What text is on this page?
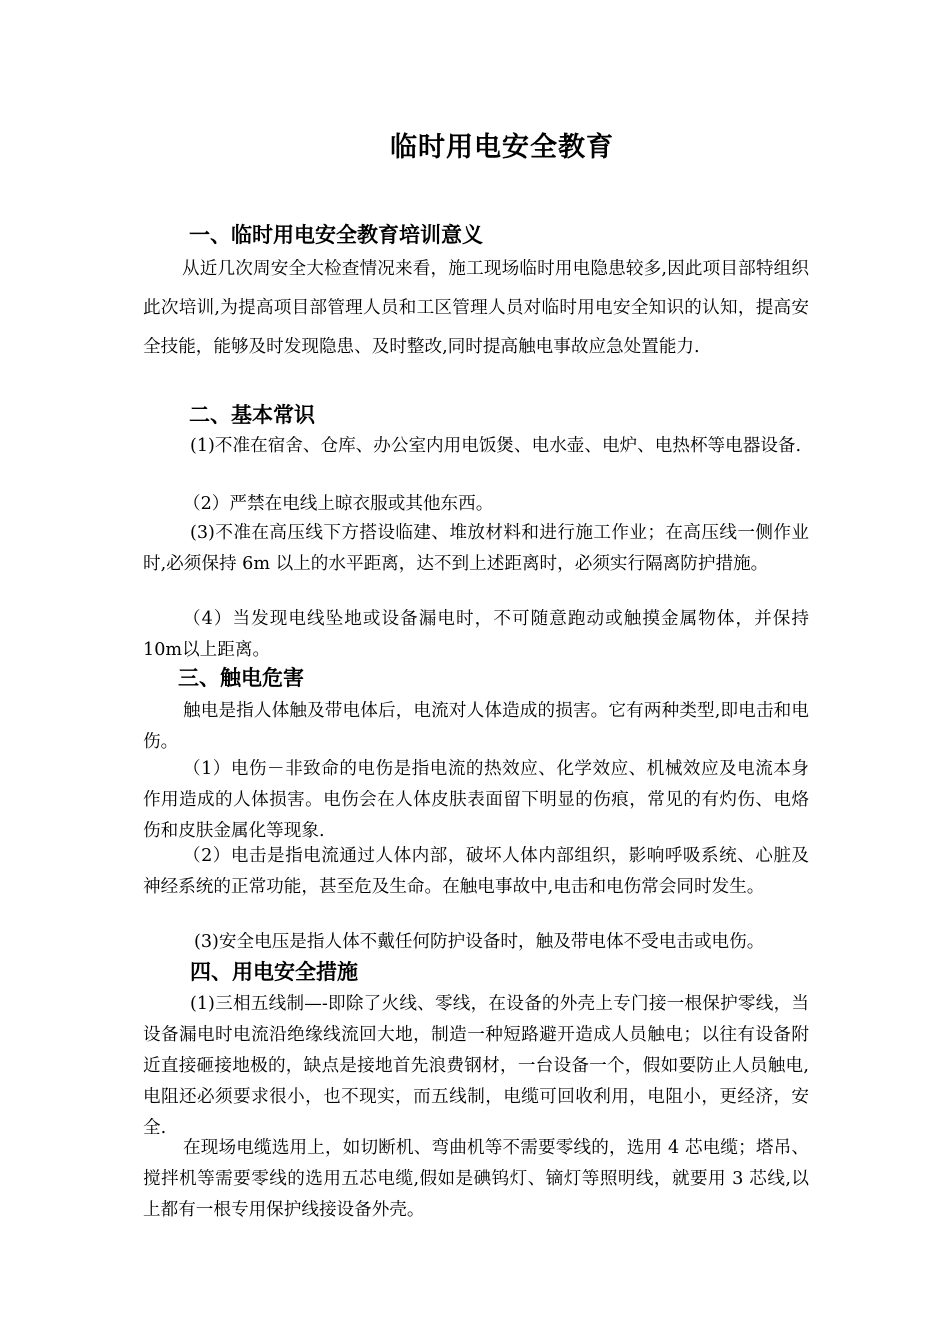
临时用电安全教育
一、临时用电安全教育培训意义

从近几次周安全大检查情况来看，施工现场临时用电隐患较多,因此项目部特组织此次培训,为提高项目部管理人员和工区管理人员对临时用电安全知识的认知，提高安全技能，能够及时发现隐患、及时整改,同时提高触电事故应急处置能力.

二、基本常识

(1)不准在宿舍、仓库、办公室内用电饭煲、电水壶、电炉、电热杯等电器设备.

（2）严禁在电线上晾衣服或其他东西。

(3)不准在高压线下方搭设临建、堆放材料和进行施工作业；在高压线一侧作业时,必须保持 6m 以上的水平距离，达不到上述距离时，必须实行隔离防护措施。

（4）当发现电线坠地或设备漏电时，不可随意跑动或触摸金属物体，并保持10m以上距离。

三、触电危害

触电是指人体触及带电体后，电流对人体造成的损害。它有两种类型,即电击和电伤。

（1）电伤－非致命的电伤是指电流的热效应、化学效应、机械效应及电流本身作用造成的人体损害。电伤会在人体皮肤表面留下明显的伤痕，常见的有灼伤、电烙伤和皮肤金属化等现象.

（2）电击是指电流通过人体内部，破坏人体内部组织，影响呼吸系统、心脏及神经系统的正常功能，甚至危及生命。在触电事故中,电击和电伤常会同时发生。

(3)安全电压是指人体不戴任何防护设备时，触及带电体不受电击或电伤。

四、用电安全措施

(1)三相五线制—-即除了火线、零线，在设备的外壳上专门接一根保护零线，当设备漏电时电流沿绝缘线流回大地，制造一种短路避开造成人员触电；以往有设备附近直接砸接地极的，缺点是接地首先浪费钢材，一台设备一个，假如要防止人员触电,电阻还必须要求很小，也不现实，而五线制，电缆可回收利用，电阻小，更经济，安全.

在现场电缆选用上，如切断机、弯曲机等不需要零线的，选用 4 芯电缆；塔吊、搅拌机等需要零线的选用五芯电缆,假如是碘钨灯、镝灯等照明线，就要用 3 芯线,以上都有一根专用保护线接设备外壳。
